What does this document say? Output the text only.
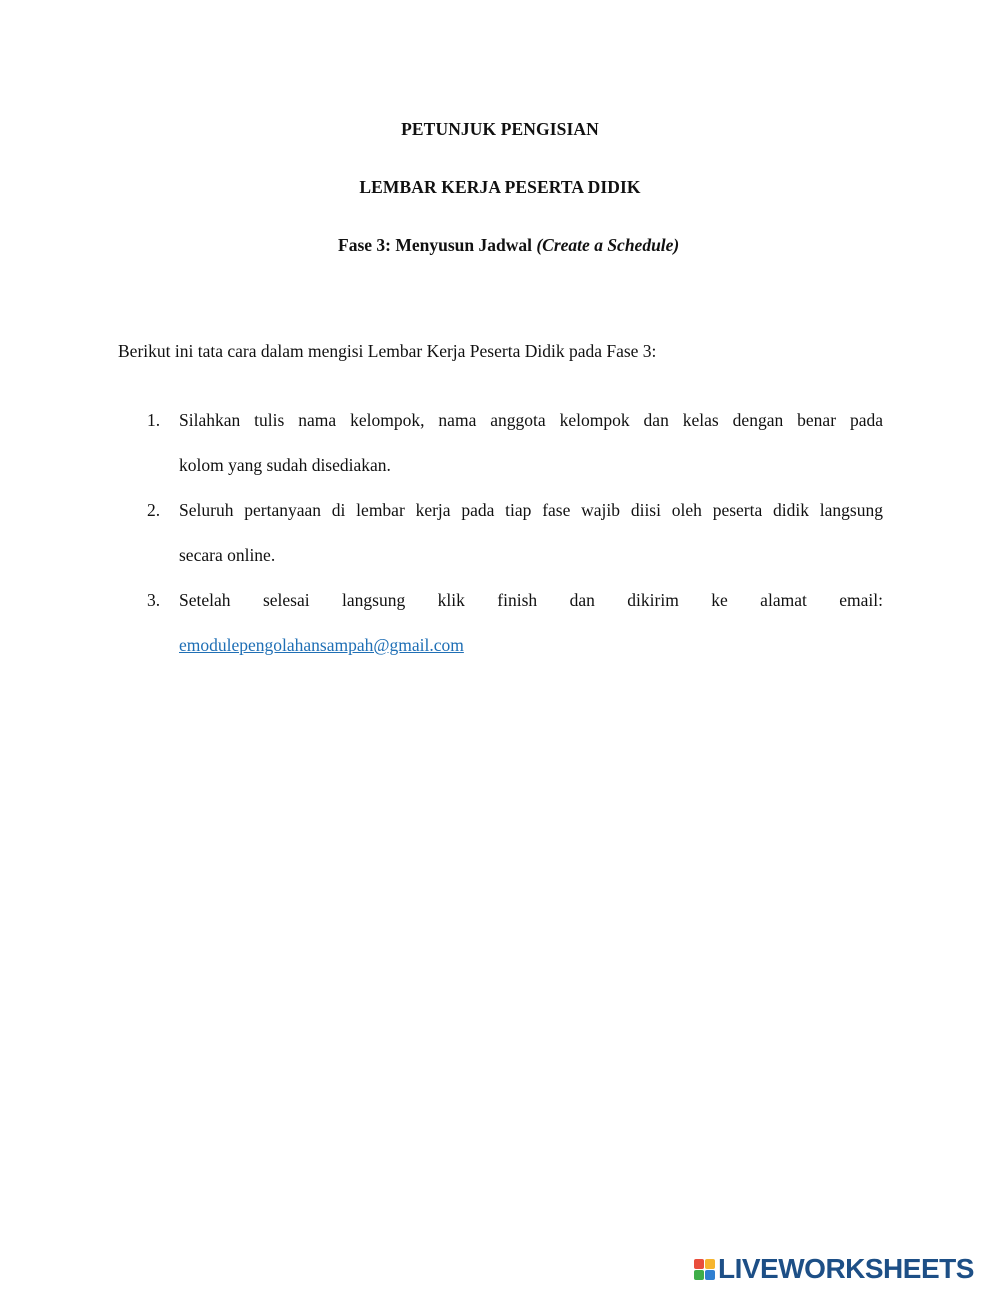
PETUNJUK PENGISIAN
LEMBAR KERJA PESERTA DIDIK
Fase 3: Menyusun Jadwal (Create a Schedule)
Berikut ini tata cara dalam mengisi Lembar Kerja Peserta Didik pada Fase 3:
1.	Silahkan tulis nama kelompok, nama anggota kelompok dan kelas dengan benar pada
kolom yang sudah disediakan.
2.	Seluruh pertanyaan di lembar kerja pada tiap fase wajib diisi oleh peserta didik langsung
secara online.
3.	Setelah selesai langsung klik finish dan dikirim ke alamat email:
emodulepengolahansampah@gmail.com
LIVEWORKSHEETS
